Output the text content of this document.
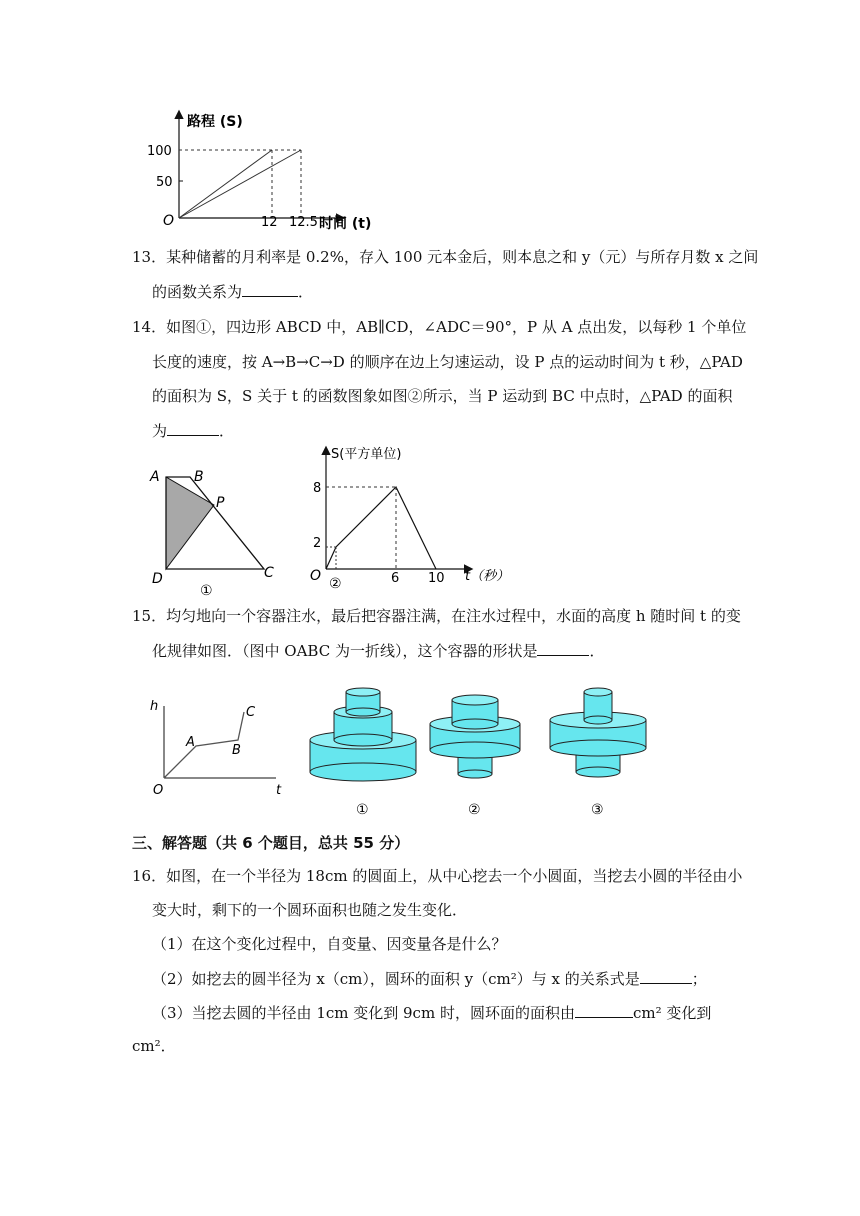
路程 (S)
100
50
O	12 12.5 时间 (t)
13．某种储蓄的月利率是 0.2%，存入 100 元本金后，则本息之和 y（元）与所存月数 x 之间
的函数关系为	．
14．如图①，四边形 ABCD 中，AB∥CD，∠ADC＝90°，P 从 A 点出发，以每秒 1 个单位
长度的速度，按 A→B→C→D 的顺序在边上匀速运动，设 P 点的运动时间为 t 秒，△PAD
的面积为 S，S 关于 t 的函数图象如图②所示，当 P 运动到 BC 中点时，△PAD 的面积
为	．
A B
P
D	C
①
S(平方单位)
8
2
O	6 10 t（秒）
②
15．均匀地向一个容器注水，最后把容器注满，在注水过程中，水面的高度 h 随时间 t 的变
化规律如图．（图中 OABC 为一折线），这个容器的形状是	．
h
t
O
A
B
C
①	②	③
三、解答题（共 6 个题目，总共 55 分）
16．如图，在一个半径为 18cm 的圆面上，从中心挖去一个小圆面，当挖去小圆的半径由小
变大时，剩下的一个圆环面积也随之发生变化．
（1）在这个变化过程中，自变量、因变量各是什么？
（2）如挖去的圆半径为 x（cm），圆环的面积 y（cm²）与 x 的关系式是	；
（3）当挖去圆的半径由 1cm 变化到 9cm 时，圆环面的面积由	cm² 变化到
cm²．
